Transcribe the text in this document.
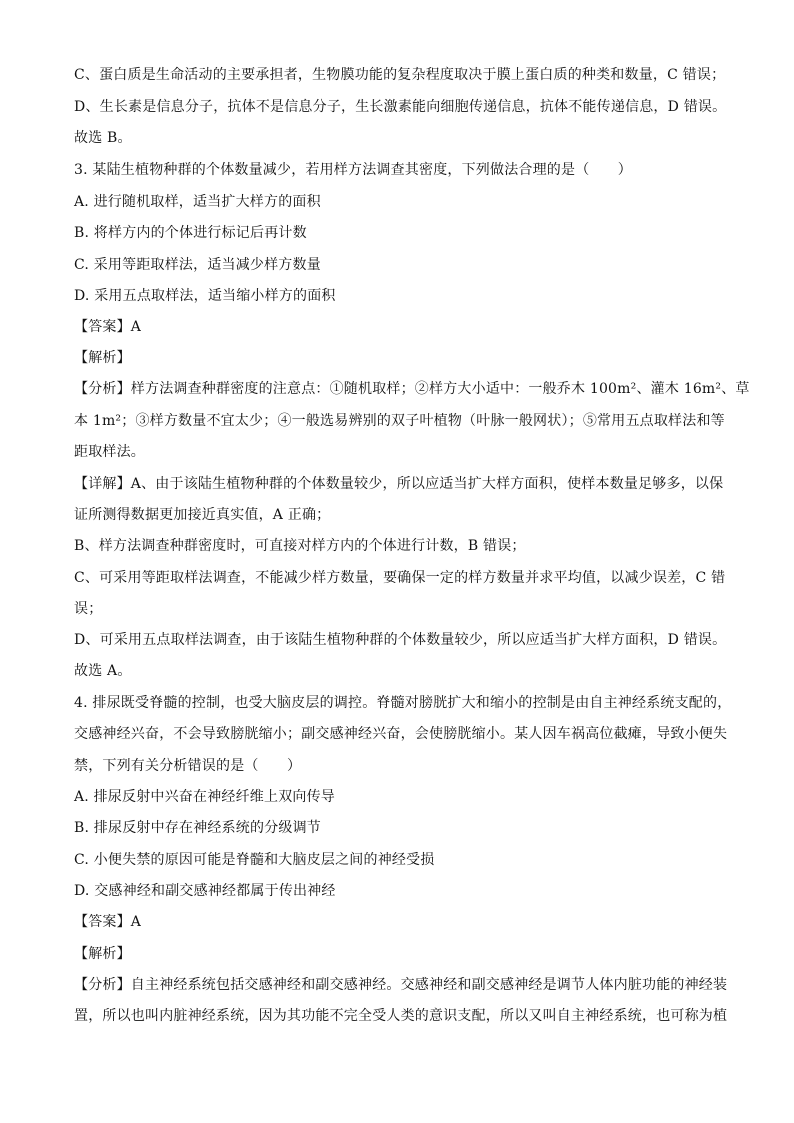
C、蛋白质是生命活动的主要承担者，生物膜功能的复杂程度取决于膜上蛋白质的种类和数量，C 错误；
D、生长素是信息分子，抗体不是信息分子，生长激素能向细胞传递信息，抗体不能传递信息，D 错误。
故选 B。
3. 某陆生植物种群的个体数量减少，若用样方法调查其密度，下列做法合理的是（　　）
A. 进行随机取样，适当扩大样方的面积
B. 将样方内的个体进行标记后再计数
C. 采用等距取样法，适当减少样方数量
D. 采用五点取样法，适当缩小样方的面积
【答案】A
【解析】
【分析】样方法调查种群密度的注意点：①随机取样；②样方大小适中：一般乔木 100m²、灌木 16m²、草
本 1m²；③样方数量不宜太少；④一般选易辨别的双子叶植物（叶脉一般网状）；⑤常用五点取样法和等
距取样法。
【详解】A、由于该陆生植物种群的个体数量较少，所以应适当扩大样方面积，使样本数量足够多，以保
证所测得数据更加接近真实值，A 正确；
B、样方法调查种群密度时，可直接对样方内的个体进行计数，B 错误；
C、可采用等距取样法调查，不能减少样方数量，要确保一定的样方数量并求平均值，以减少误差，C 错
误；
D、可采用五点取样法调查，由于该陆生植物种群的个体数量较少，所以应适当扩大样方面积，D 错误。
故选 A。
4. 排尿既受脊髓的控制，也受大脑皮层的调控。脊髓对膀胱扩大和缩小的控制是由自主神经系统支配的，
交感神经兴奋，不会导致膀胱缩小；副交感神经兴奋，会使膀胱缩小。某人因车祸高位截瘫，导致小便失
禁，下列有关分析错误的是（　　）
A. 排尿反射中兴奋在神经纤维上双向传导
B. 排尿反射中存在神经系统的分级调节
C. 小便失禁的原因可能是脊髓和大脑皮层之间的神经受损
D. 交感神经和副交感神经都属于传出神经
【答案】A
【解析】
【分析】自主神经系统包括交感神经和副交感神经。交感神经和副交感神经是调节人体内脏功能的神经装
置，所以也叫内脏神经系统，因为其功能不完全受人类的意识支配，所以又叫自主神经系统，也可称为植
